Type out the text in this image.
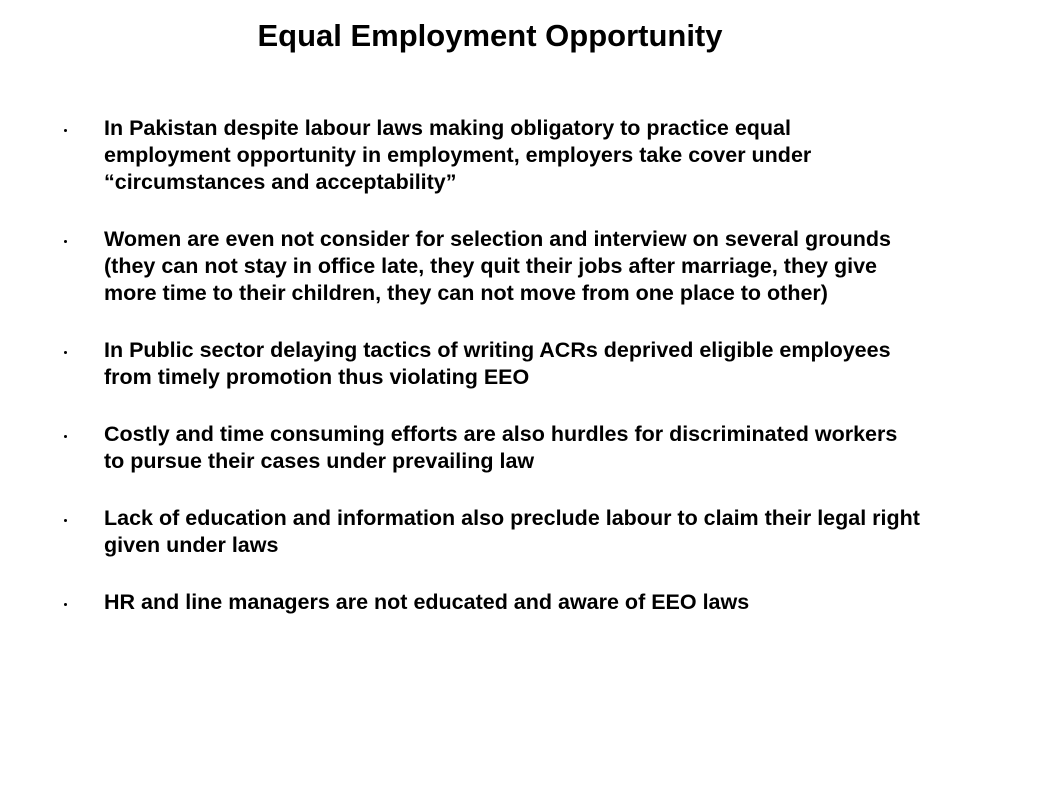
Equal Employment Opportunity
In Pakistan despite labour laws making obligatory to practice equal employment opportunity in employment, employers take cover under “circumstances and acceptability”
Women are even not consider for selection and interview on several grounds (they can not stay in office late, they quit their jobs after marriage, they give more time to their children, they can not move from one place to other)
In Public sector delaying tactics of writing ACRs deprived eligible employees from timely promotion thus violating EEO
Costly and time consuming efforts are also hurdles for discriminated workers to pursue their cases under prevailing law
Lack of education and information also preclude labour to claim their legal right given under laws
HR and line managers are not educated and aware of EEO laws
